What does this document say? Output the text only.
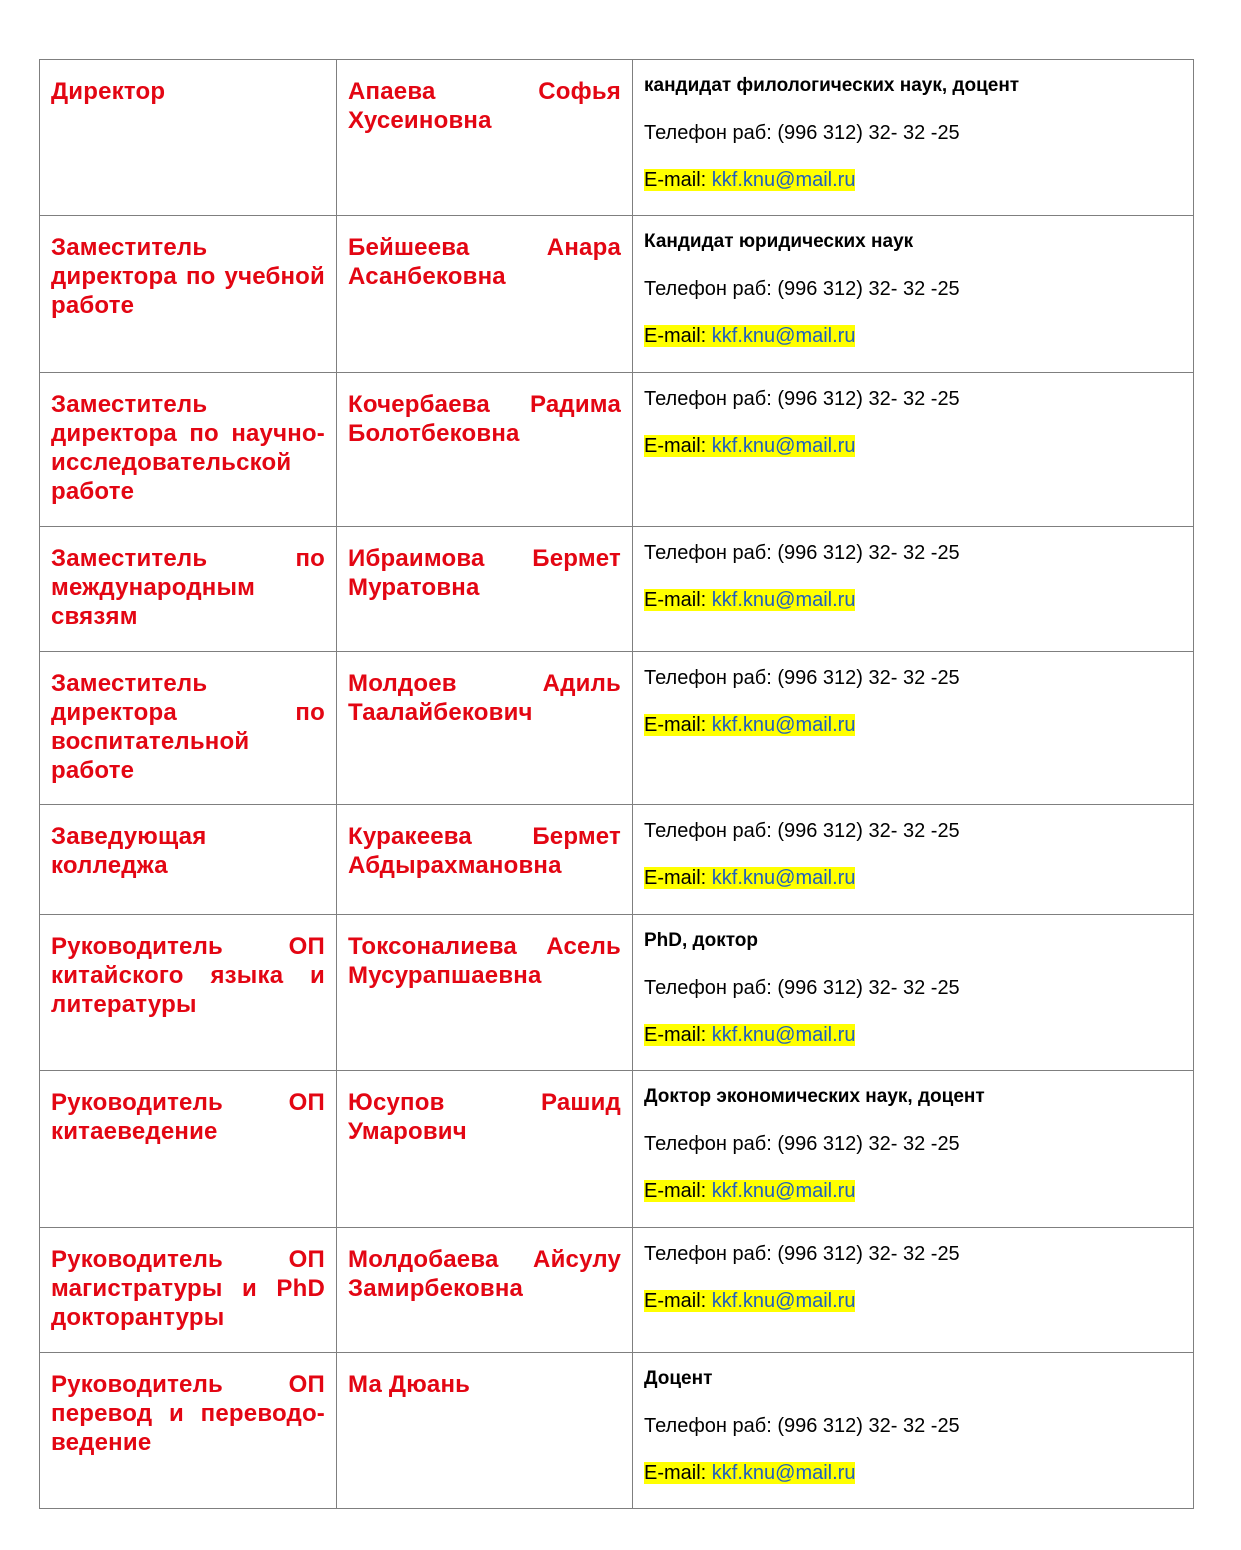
Директор	Апаева Софья Хусеиновна	кандидат филологических наук, доцент
Телефон раб: (996 312) 32- 32 -25
E-mail: kkf.knu@mail.ru

Заместитель директора по учебной работе	Бейшеева Анара Асанбековна	Кандидат юридических наук
Телефон раб: (996 312) 32- 32 -25
E-mail: kkf.knu@mail.ru

Заместитель директора по научно-исследовательской работе	Кочербаева Радима Болотбековна	Телефон раб: (996 312) 32- 32 -25
E-mail: kkf.knu@mail.ru

Заместитель по международным связям	Ибраимова Бермет Муратовна	Телефон раб: (996 312) 32- 32 -25
E-mail: kkf.knu@mail.ru

Заместитель директора по воспитательной работе	Молдоев Адиль Таалайбекович	Телефон раб: (996 312) 32- 32 -25
E-mail: kkf.knu@mail.ru

Заведующая колледжа	Куракеева Бермет Абдырахмановна	Телефон раб: (996 312) 32- 32 -25
E-mail: kkf.knu@mail.ru

Руководитель ОП китайского языка и литературы	Токсоналиева Асель Мусурапшаевна	PhD, доктор
Телефон раб: (996 312) 32- 32 -25
E-mail: kkf.knu@mail.ru

Руководитель ОП китаеведение	Юсупов Рашид Умарович	Доктор экономических наук, доцент
Телефон раб: (996 312) 32- 32 -25
E-mail: kkf.knu@mail.ru

Руководитель ОП магистратуры и PhD докторантуры	Молдобаева Айсулу Замирбековна	Телефон раб: (996 312) 32- 32 -25
E-mail: kkf.knu@mail.ru

Руководитель ОП перевод и переводо-ведение	Ма Дюань	Доцент
Телефон раб: (996 312) 32- 32 -25
E-mail: kkf.knu@mail.ru
